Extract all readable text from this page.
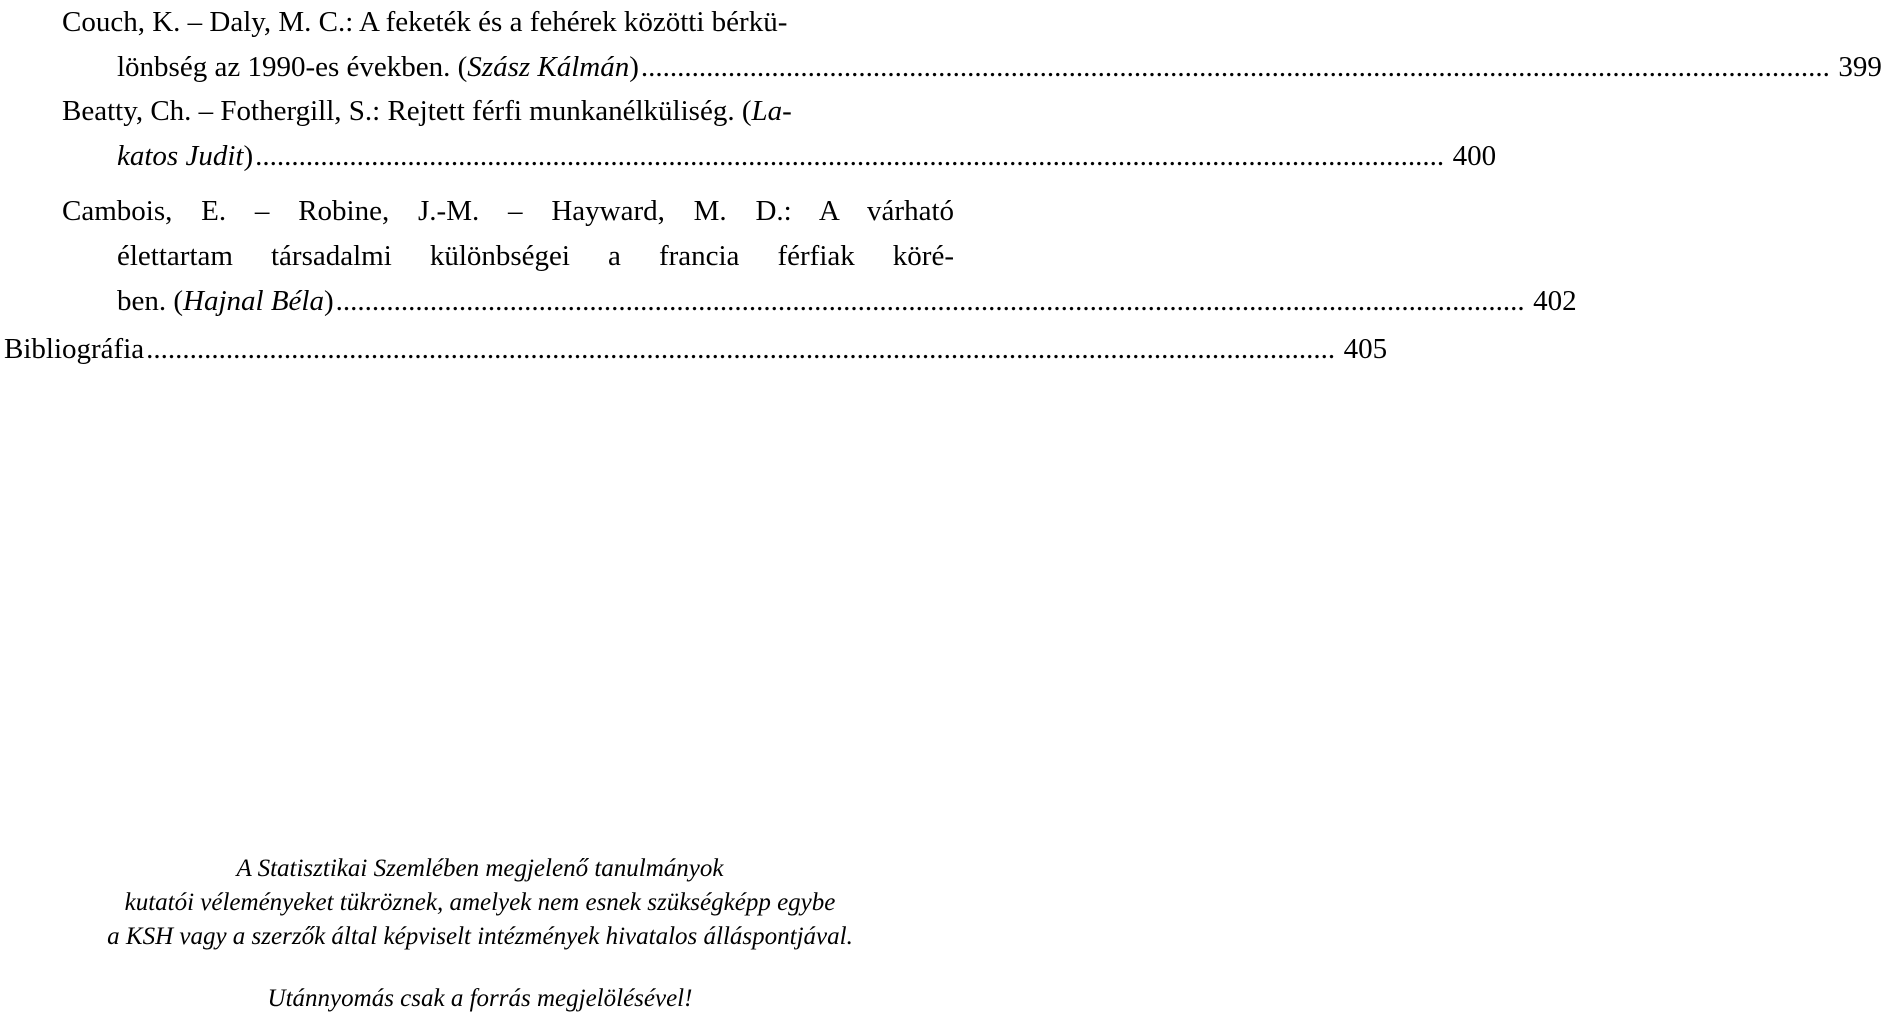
Couch, K. – Daly, M. C.: A feketék és a fehérek közötti bérkü-
lönbség az 1990-es években. (Szász Kálmán) .................................................................................................................................................................... 399
Beatty, Ch. – Fothergill, S.: Rejtett férfi munkanélküliség. (La-
katos Judit) .................................................................................................................................................................... 400
Cambois, E. – Robine, J.-M. – Hayward, M. D.: A várható
élettartam társadalmi különbségei a francia férfiak köré-
ben. (Hajnal Béla) .................................................................................................................................................................... 402
Bibliográfia .................................................................................................................................................................... 405
A Statisztikai Szemlében megjelenő tanulmányok
kutatói véleményeket tükröznek, amelyek nem esnek szükségképp egybe
a KSH vagy a szerzők által képviselt intézmények hivatalos álláspontjával.
Utánnyomás csak a forrás megjelölésével!
